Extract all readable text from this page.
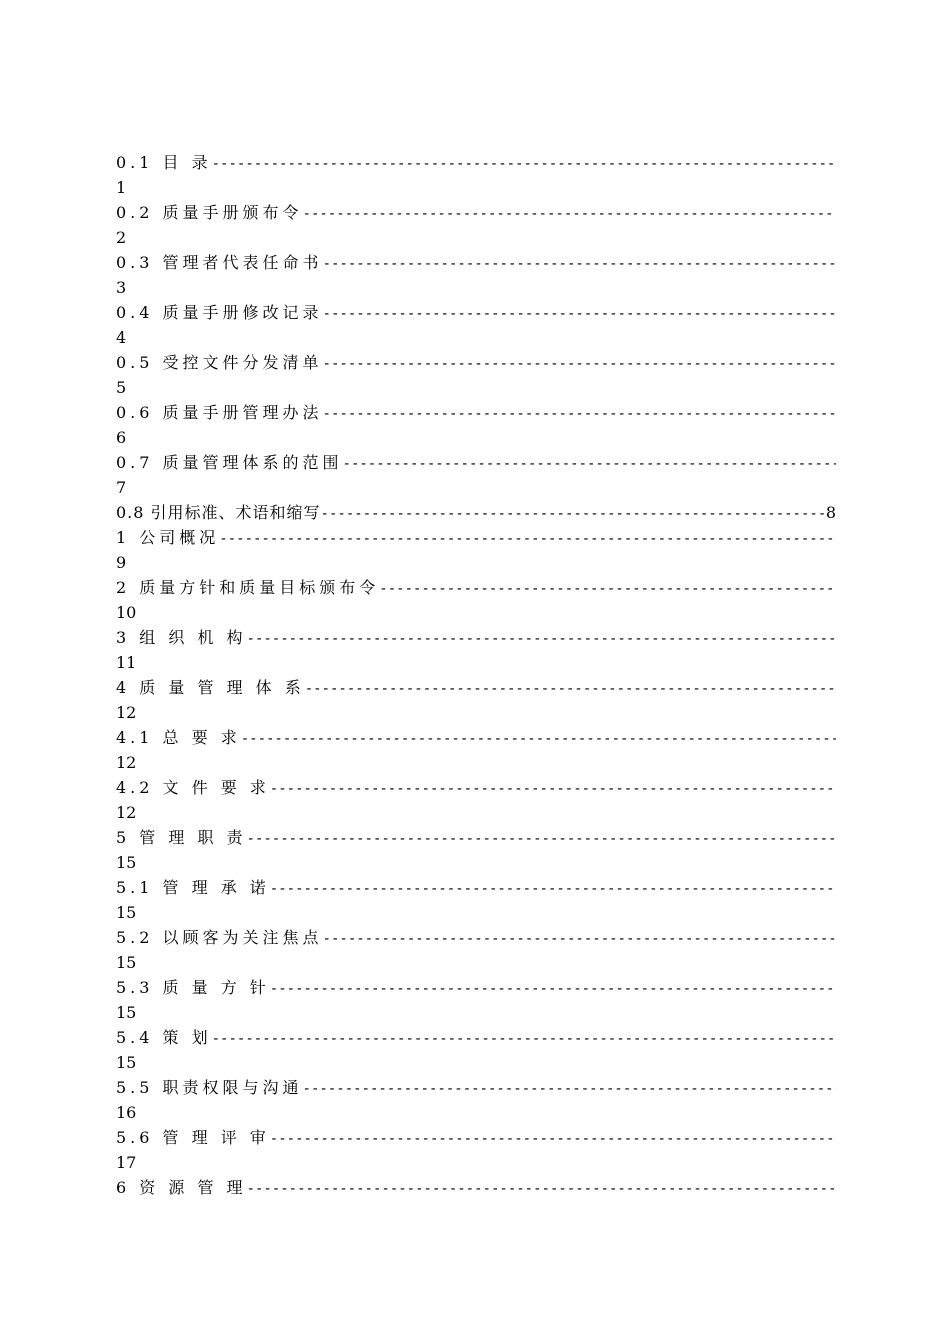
0.1 目 录
-----
1
0.2 质量手册颁布令
-----
2
0.3 管理者代表任命书
-----
3
0.4 质量手册修改记录
-----
4
0.5 受控文件分发清单
-----
5
0.6 质量手册管理办法
-----
6
0.7 质量管理体系的范围
-----
7
0.8 引用标准、术语和缩写
-----	8
1 公司概况
-----
9
2 质量方针和质量目标颁布令
-----
10
3 组 织 机 构
-----
11
4 质 量 管 理 体 系
-----
12
4.1 总 要 求
-----
12
4.2 文 件 要 求
-----
12
5 管 理 职 责
-----
15
5.1 管 理 承 诺
-----
15
5.2 以顾客为关注焦点
-----
15
5.3 质 量 方 针
-----
15
5.4 策 划
-----
15
5.5 职责权限与沟通
-----
16
5.6 管 理 评 审
-----
17
6 资 源 管 理
-----
